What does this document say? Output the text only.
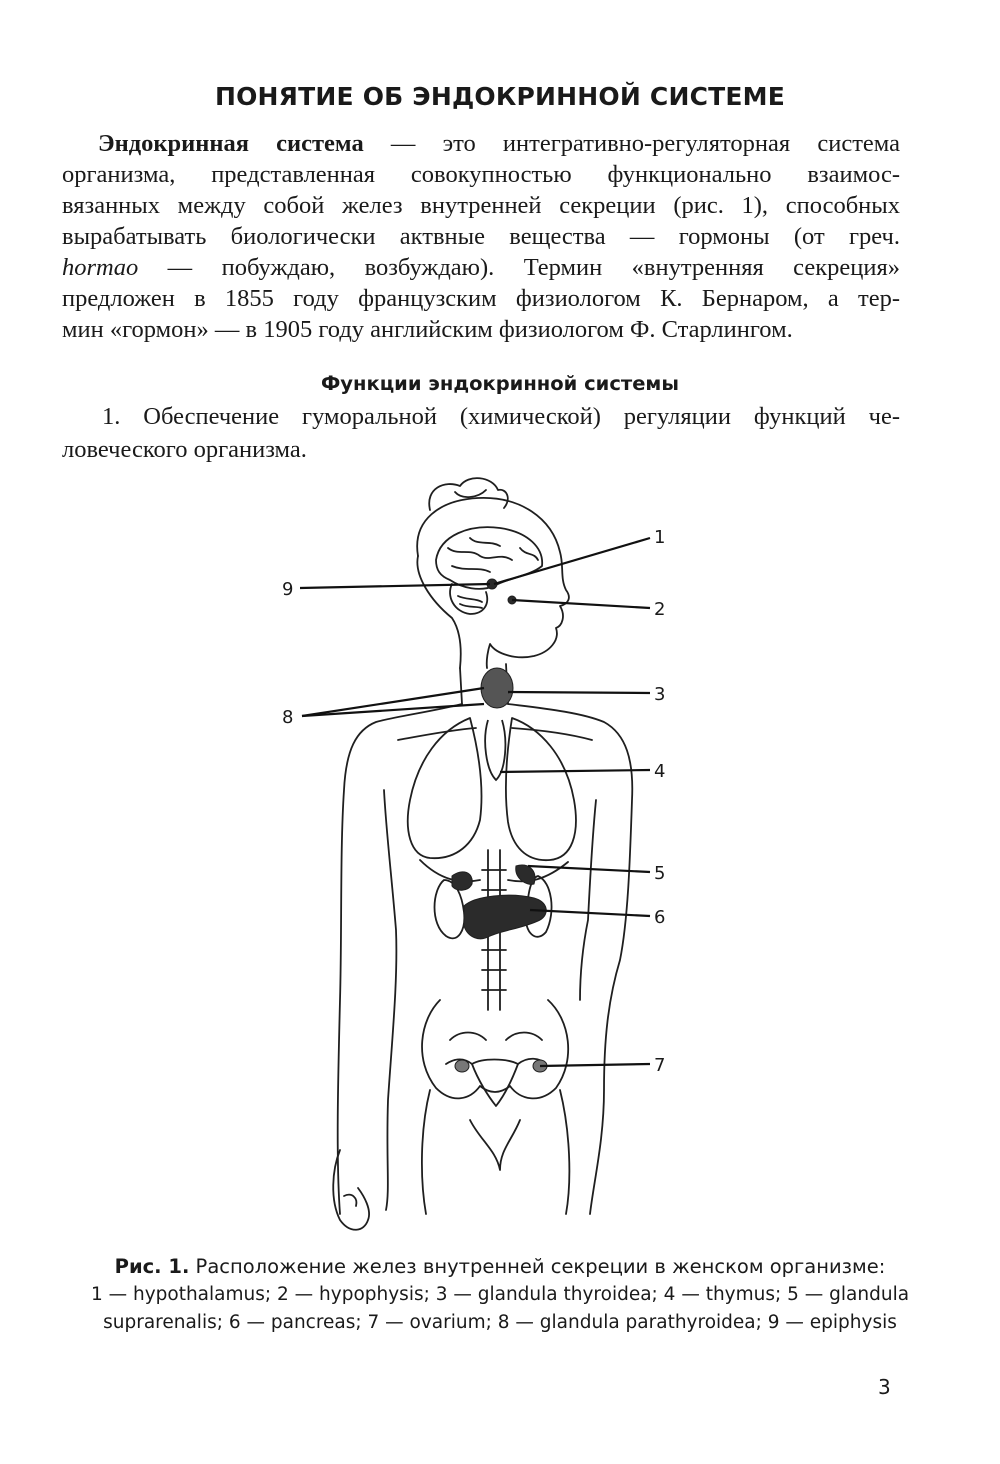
ПОНЯТИЕ ОБ ЭНДОКРИННОЙ СИСТЕМЕ
Эндокринная система — это интегративно-регуляторная система
организма, представленная совокупностью функционально взаимос-
вязанных между собой желез внутренней секреции (рис. 1), способных
вырабатывать биологически актвные вещества — гормоны (от греч.
hormao — побуждаю, возбуждаю). Термин «внутренняя секреция»
предложен в 1855 году французским физиологом К. Бернаром, а тер-
мин «гормон» — в 1905 году английским физиологом Ф. Старлингом.
Функции эндокринной системы
1. Обеспечение гуморальной (химической) регуляции функций че-
ловеческого организма.
1
2
3
4
5
6
7
8
9
Рис. 1. Расположение желез внутренней секреции в женском организме:
1 — hypothalamus; 2 — hypophysis; 3 — glandula thyroidea; 4 — thymus; 5 — glandula
suprarenalis; 6 — pancreas; 7 — ovarium; 8 — glandula parathyroidea; 9 — epiphysis
3
